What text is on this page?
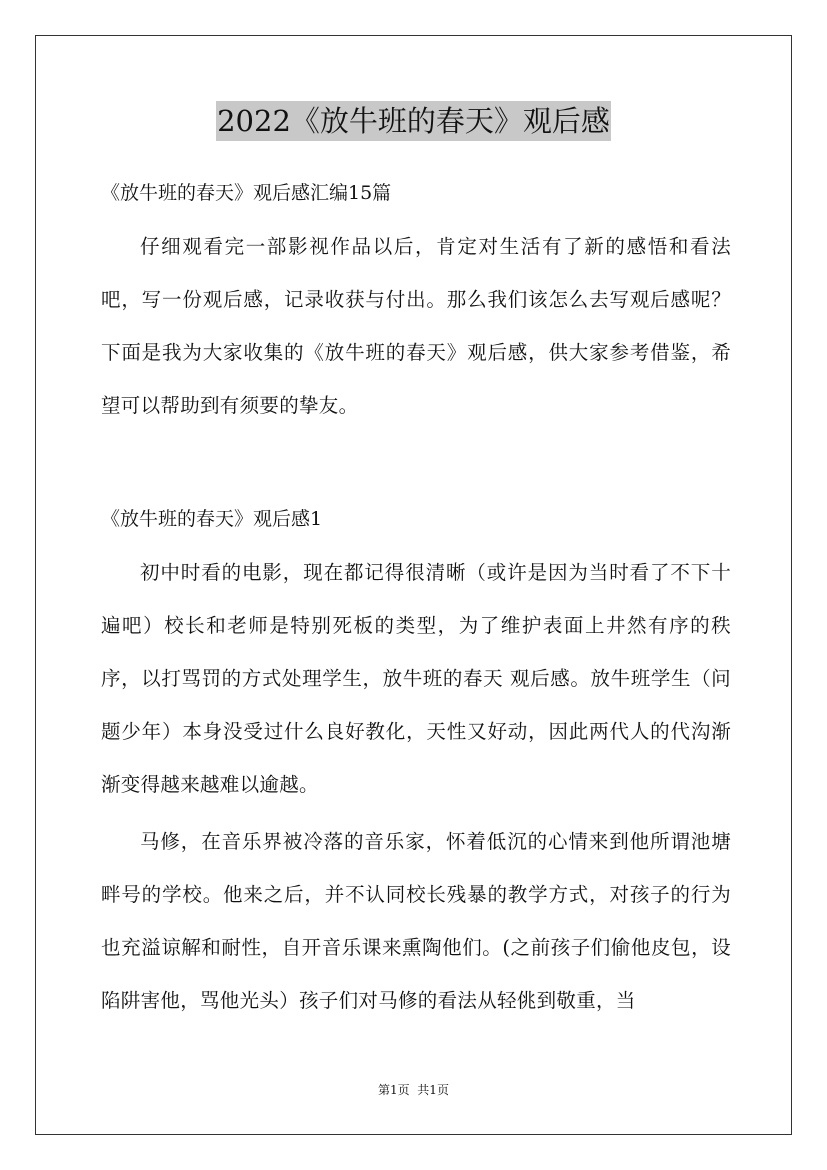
2022《放牛班的春天》观后感
《放牛班的春天》观后感汇编15篇
仔细观看完一部影视作品以后，肯定对生活有了新的感悟和看法吧，写一份观后感，记录收获与付出。那么我们该怎么去写观后感呢？下面是我为大家收集的《放牛班的春天》观后感，供大家参考借鉴，希望可以帮助到有须要的挚友。
《放牛班的春天》观后感1
初中时看的电影，现在都记得很清晰（或许是因为当时看了不下十遍吧）校长和老师是特别死板的类型，为了维护表面上井然有序的秩序，以打骂罚的方式处理学生，放牛班的春天 观后感。放牛班学生（问题少年）本身没受过什么良好教化，天性又好动，因此两代人的代沟渐渐变得越来越难以逾越。
马修，在音乐界被冷落的音乐家，怀着低沉的心情来到他所谓池塘畔号的学校。他来之后，并不认同校长残暴的教学方式，对孩子的行为也充溢谅解和耐性，自开音乐课来熏陶他们。(之前孩子们偷他皮包，设陷阱害他，骂他光头）孩子们对马修的看法从轻佻到敬重，当
第1页  共1页
